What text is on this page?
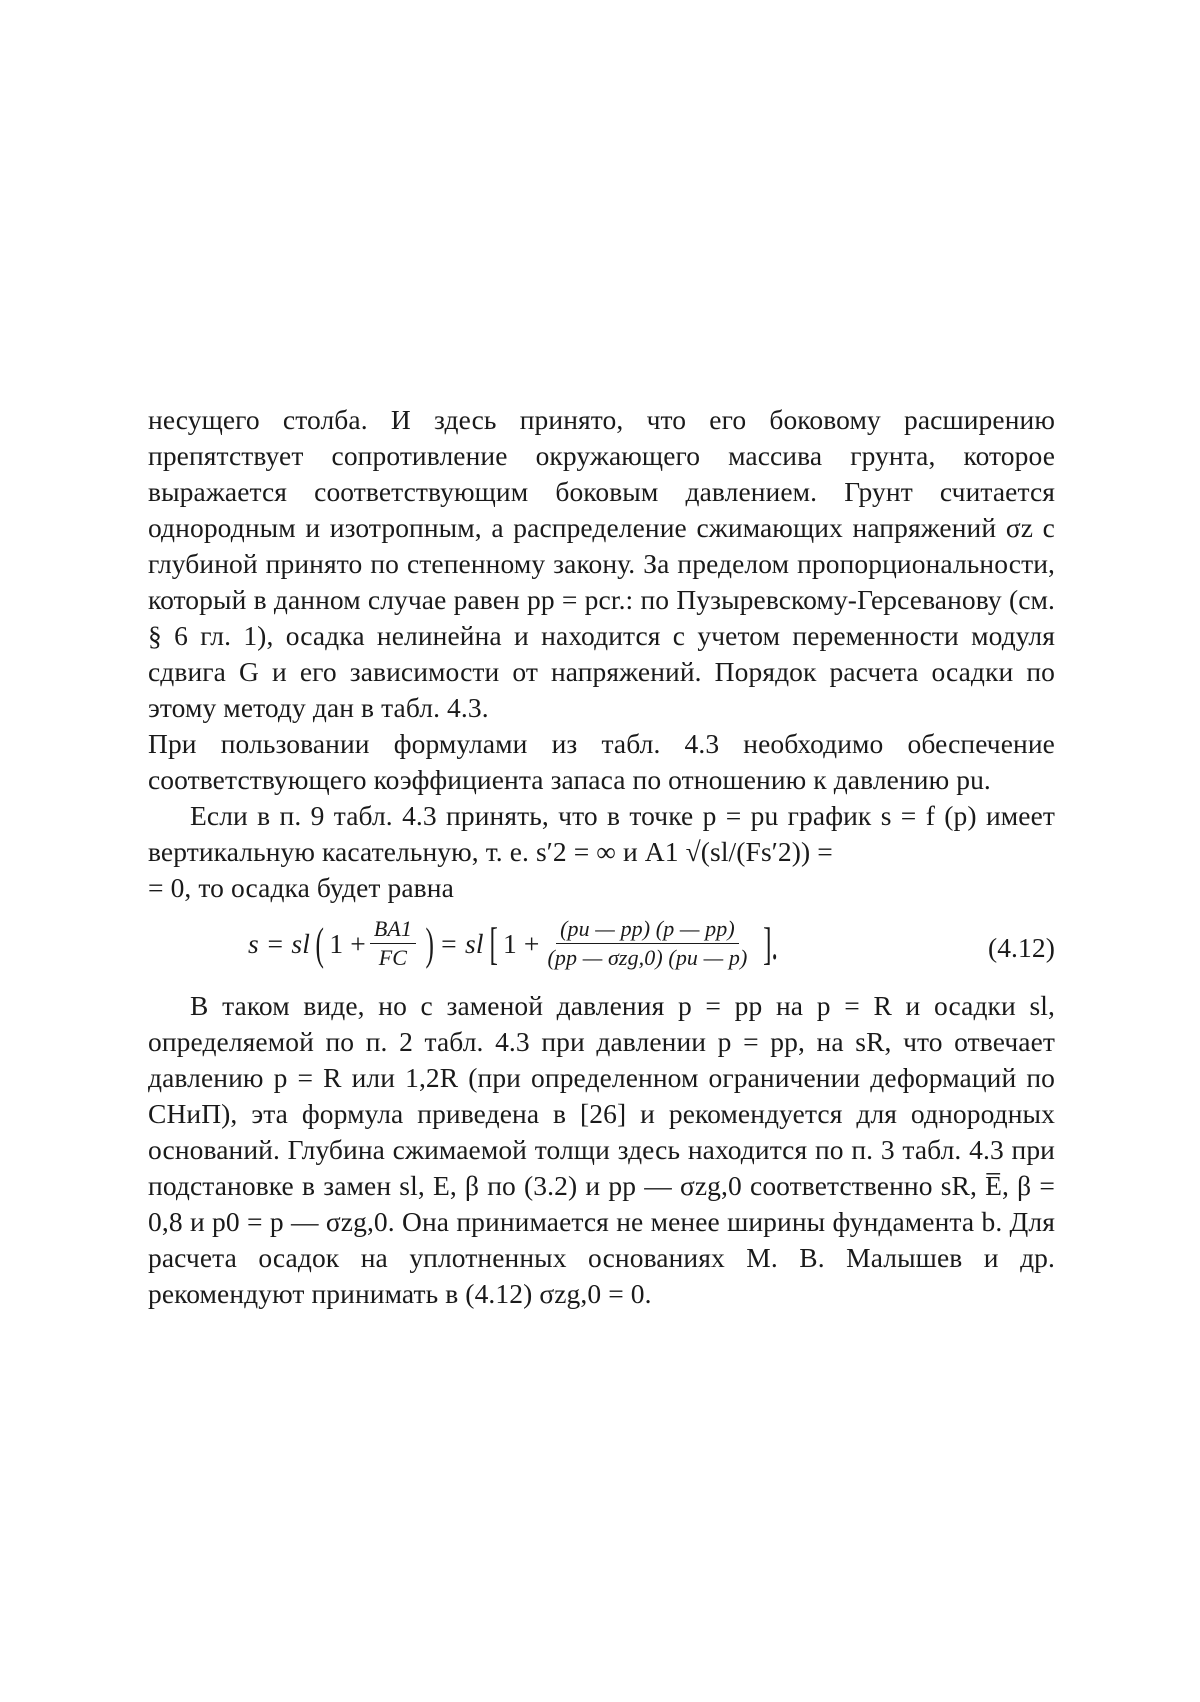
несущего столба. И здесь принято, что его боковому расширению препятствует сопротивление окружающего массива грунта, которое выражается соответствующим боковым давлением. Грунт считается однородным и изотропным, а распределение сжимающих напряжений σz с глубиной принято по степенному закону. За пределом пропорциональности, который в данном случае равен pp = pcr.: по Пузыревскому-Герсеванову (см. § 6 гл. 1), осадка нелинейна и находится с учетом переменности модуля сдвига G и его зависимости от напряжений. Порядок расчета осадки по этому методу дан в табл. 4.3.

При пользовании формулами из табл. 4.3 необходимо обеспечение соответствующего коэффициента запаса по отношению к давлению pu.

Если в п. 9 табл. 4.3 принять, что в точке p = pu график s = f (p) имеет вертикальную касательную, т. е. s′2 = ∞ и A1 √(sl/(Fs′2)) =

= 0, то осадка будет равна

s = sl ( $1 + \frac{BA1}{FC}$ ) = sl [ $1 + \frac{(pu — pp) (p — pp)}{\text{(pp — σzg,0) (pu — p)}}$ ].	(4.12)

В таком виде, но с заменой давления p = pp на p = R и осадки sl, определяемой по п. 2 табл. 4.3 при давлении p = pp, на sR, что отвечает давлению p = R или 1,2R (при определенном ограничении деформаций по СНиП), эта формула приведена в [26] и рекомендуется для однородных оснований. Глубина сжимаемой толщи здесь находится по п. 3 табл. 4.3 при подстановке в замен sl, E, β по (3.2) и pp — σzg,0 соответственно sR, E̅, β = 0,8 и p0 = p — σzg,0. Она принимается не менее ширины фундамента b. Для расчета осадок на уплотненных основаниях М. В. Малышев и др. рекомендуют принимать в (4.12) σzg,0 = 0.
